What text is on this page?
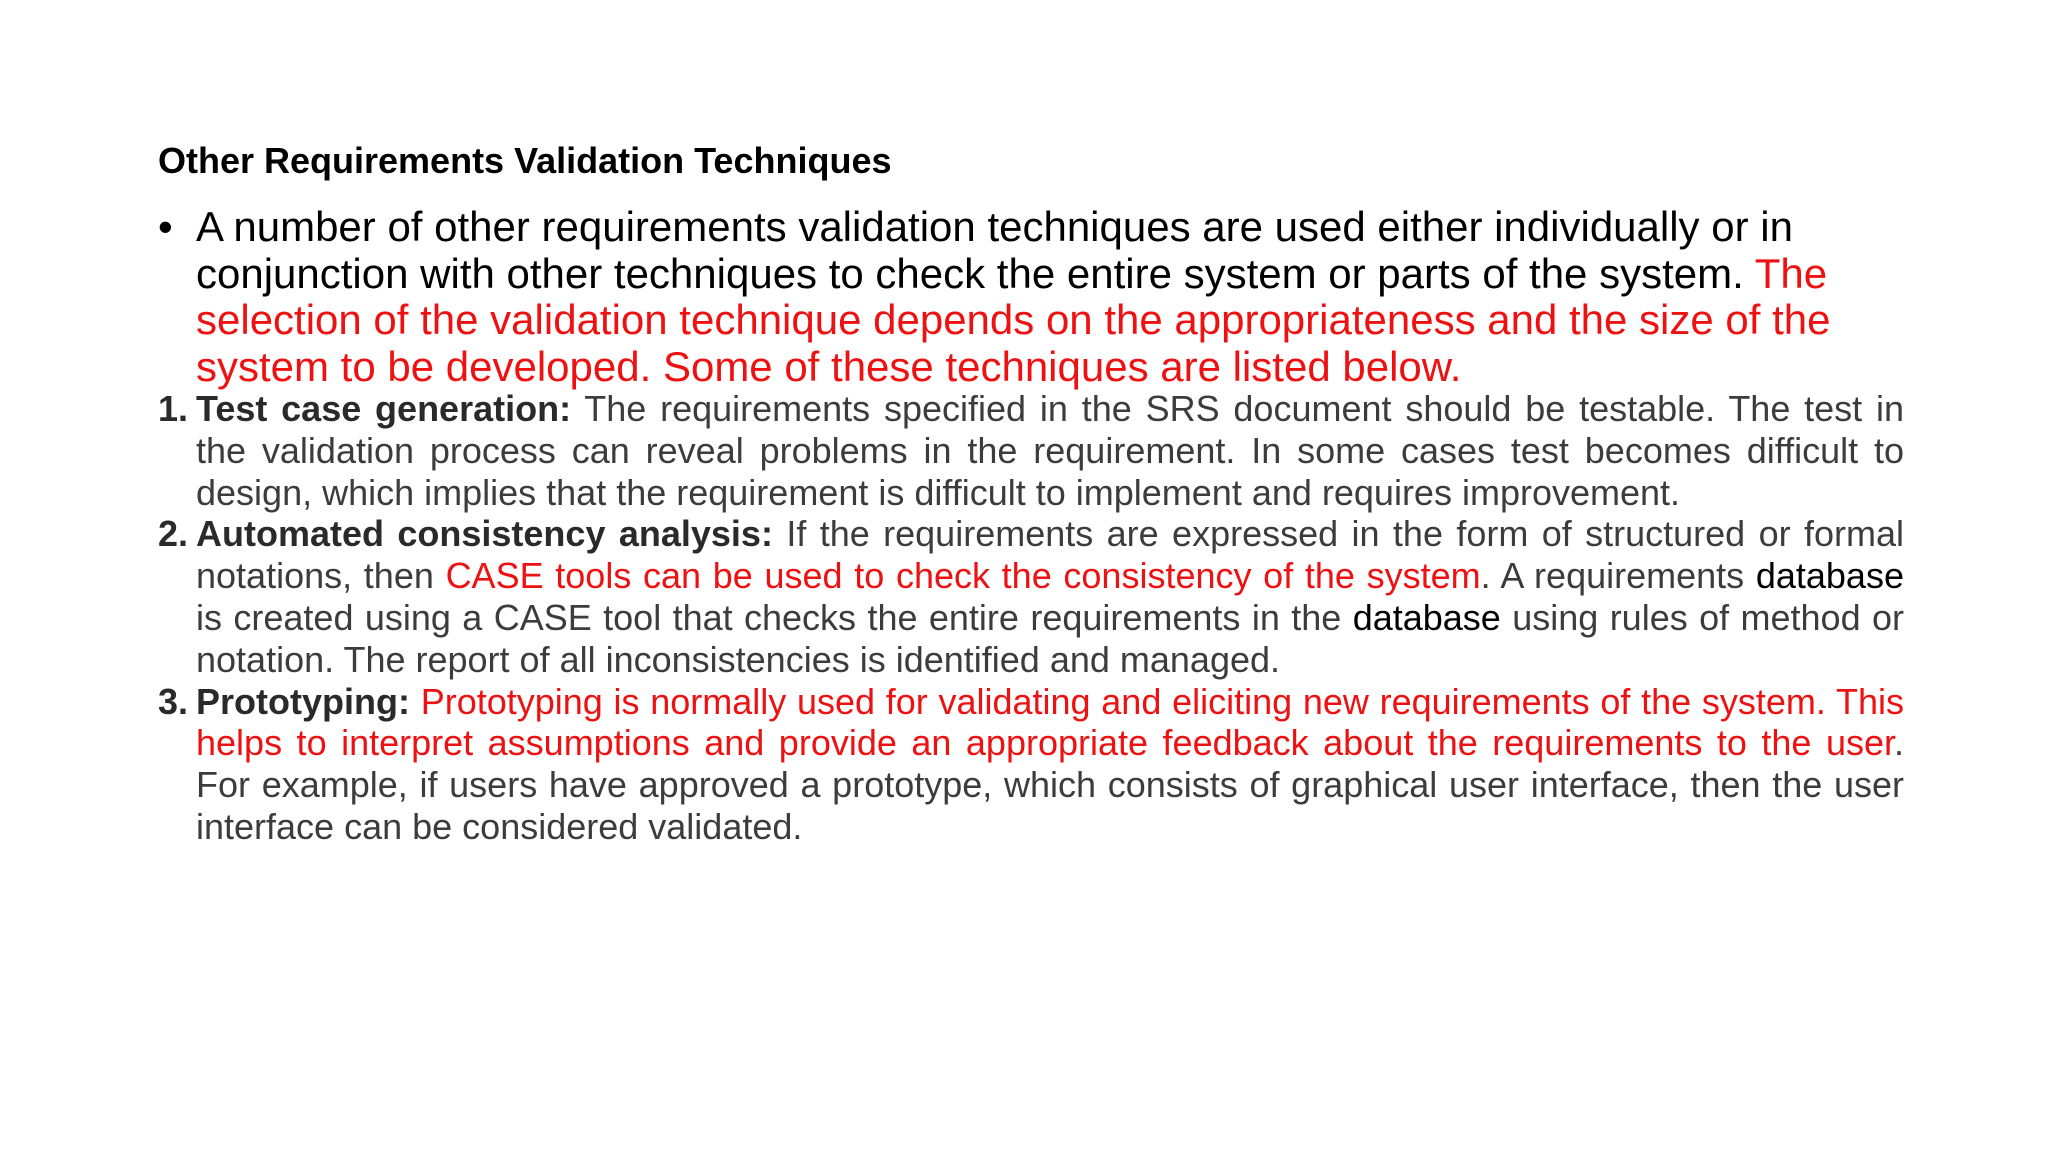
Other Requirements Validation Techniques
• A number of other requirements validation techniques are used either individually or in conjunction with other techniques to check the entire system or parts of the system. The selection of the validation technique depends on the appropriateness and the size of the system to be developed. Some of these techniques are listed below.
1. Test case generation: The requirements specified in the SRS document should be testable. The test in the validation process can reveal problems in the requirement. In some cases test becomes difficult to design, which implies that the requirement is difficult to implement and requires improvement.
2. Automated consistency analysis: If the requirements are expressed in the form of structured or formal notations, then CASE tools can be used to check the consistency of the system. A requirements database is created using a CASE tool that checks the entire requirements in the database using rules of method or notation. The report of all inconsistencies is identified and managed.
3. Prototyping: Prototyping is normally used for validating and eliciting new requirements of the system. This helps to interpret assumptions and provide an appropriate feedback about the requirements to the user. For example, if users have approved a prototype, which consists of graphical user interface, then the user interface can be considered validated.
